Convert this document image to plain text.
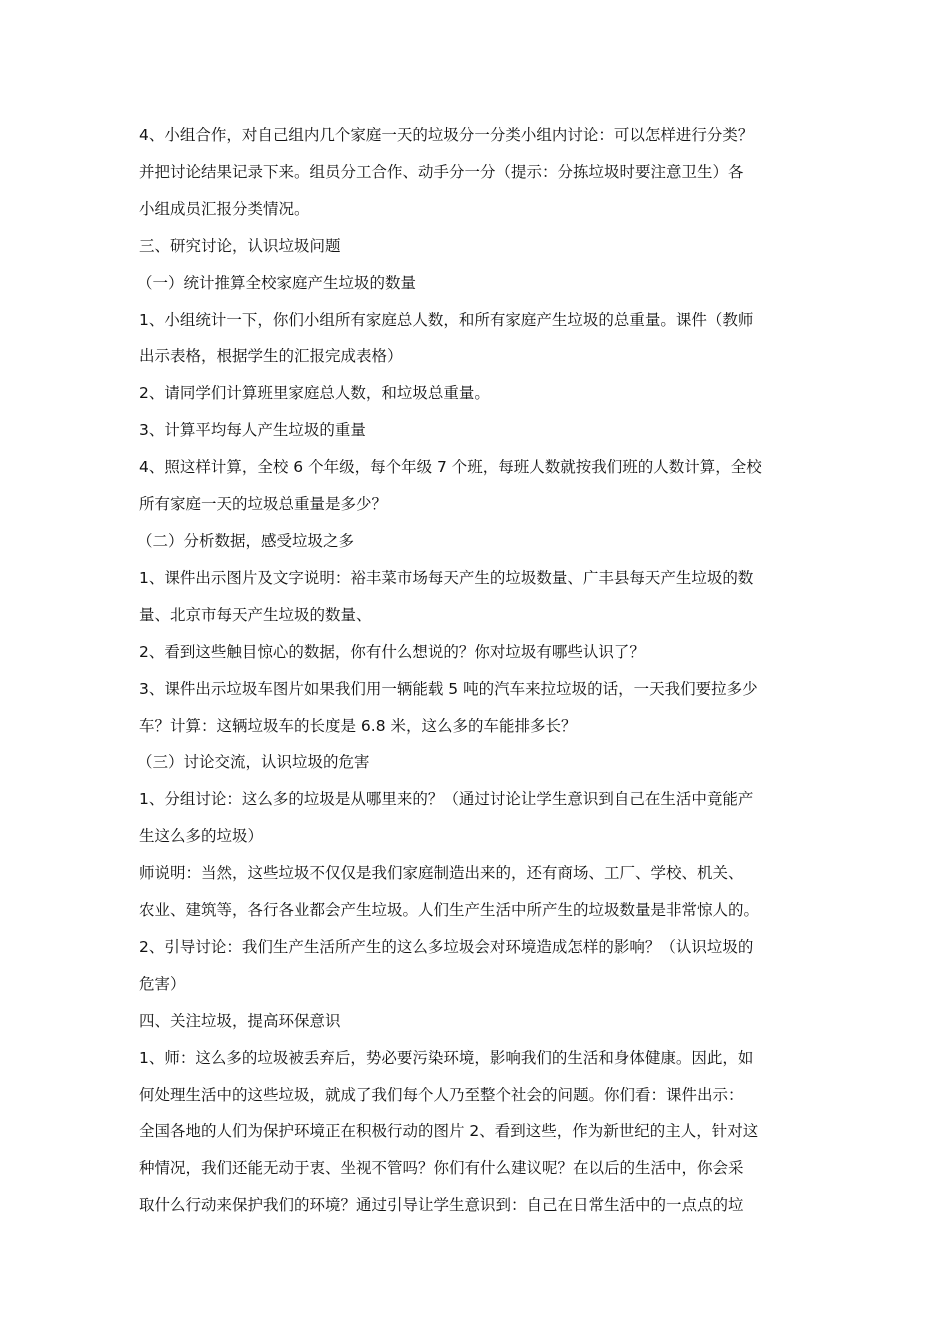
4、小组合作，对自己组内几个家庭一天的垃圾分一分类小组内讨论：可以怎样进行分类？
并把讨论结果记录下来。组员分工合作、动手分一分（提示：分拣垃圾时要注意卫生）各
小组成员汇报分类情况。
三、研究讨论，认识垃圾问题
（一）统计推算全校家庭产生垃圾的数量
1、小组统计一下，你们小组所有家庭总人数，和所有家庭产生垃圾的总重量。课件（教师
出示表格，根据学生的汇报完成表格）
2、请同学们计算班里家庭总人数，和垃圾总重量。
3、计算平均每人产生垃圾的重量
4、照这样计算，全校 6 个年级，每个年级 7 个班，每班人数就按我们班的人数计算，全校
所有家庭一天的垃圾总重量是多少？
（二）分析数据，感受垃圾之多
1、课件出示图片及文字说明：裕丰菜市场每天产生的垃圾数量、广丰县每天产生垃圾的数
量、北京市每天产生垃圾的数量、
2、看到这些触目惊心的数据，你有什么想说的？你对垃圾有哪些认识了？
3、课件出示垃圾车图片如果我们用一辆能载 5 吨的汽车来拉垃圾的话，一天我们要拉多少
车？计算：这辆垃圾车的长度是 6.8 米，这么多的车能排多长？
（三）讨论交流，认识垃圾的危害
1、分组讨论：这么多的垃圾是从哪里来的？（通过讨论让学生意识到自己在生活中竟能产
生这么多的垃圾）
师说明：当然，这些垃圾不仅仅是我们家庭制造出来的，还有商场、工厂、学校、机关、
农业、建筑等，各行各业都会产生垃圾。人们生产生活中所产生的垃圾数量是非常惊人的。
2、引导讨论：我们生产生活所产生的这么多垃圾会对环境造成怎样的影响？（认识垃圾的
危害）
四、关注垃圾，提高环保意识
1、师：这么多的垃圾被丢弃后，势必要污染环境，影响我们的生活和身体健康。因此，如
何处理生活中的这些垃圾，就成了我们每个人乃至整个社会的问题。你们看：课件出示：
全国各地的人们为保护环境正在积极行动的图片 2、看到这些，作为新世纪的主人，针对这
种情况，我们还能无动于衷、坐视不管吗？你们有什么建议呢？在以后的生活中，你会采
取什么行动来保护我们的环境？通过引导让学生意识到：自己在日常生活中的一点点的垃
